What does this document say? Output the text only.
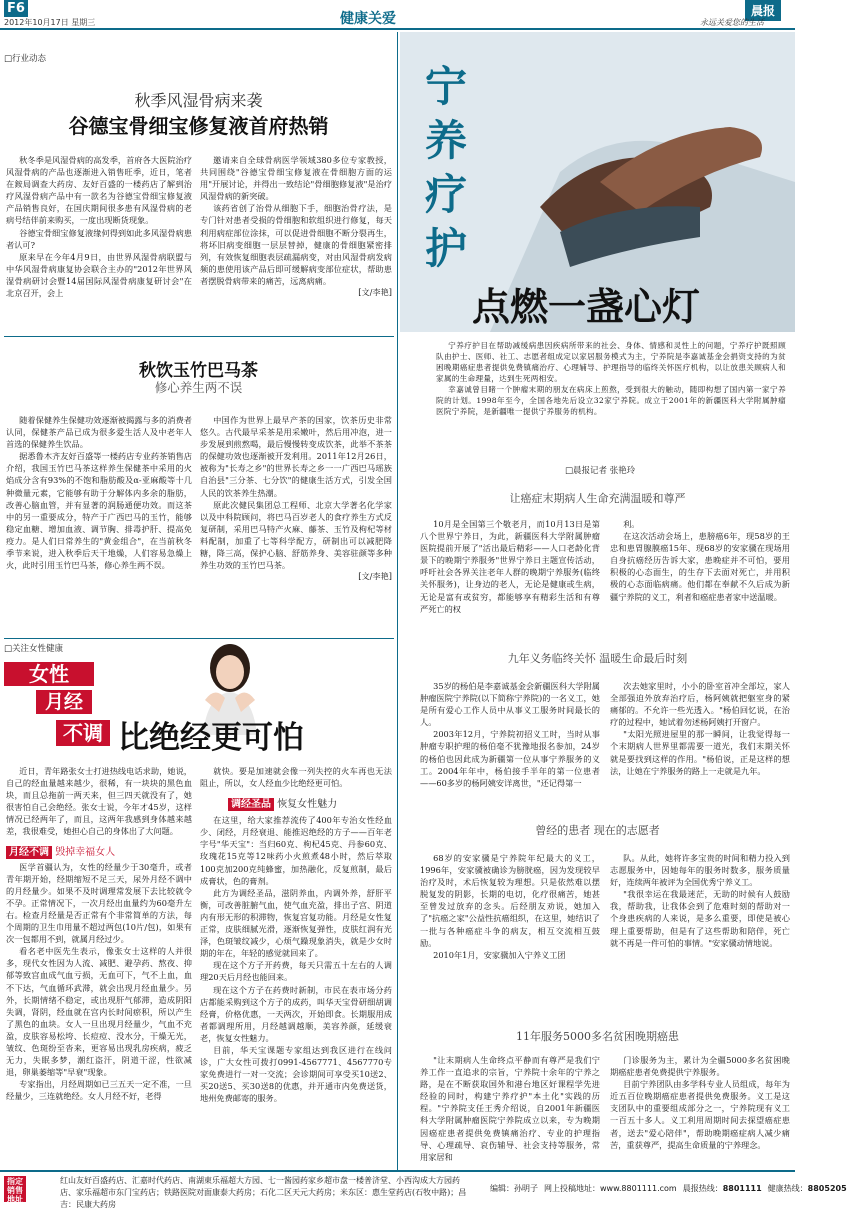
F6
2012年10月17日 星期三	健康关爱	晨报
永远关爱您的生活
□行业动态
秋季风湿骨病来袭
谷德宝骨细宝修复液首府热销

秋冬季是风湿骨病的高发季，首府各大医院治疗风湿骨病的产品也逐渐进入销售旺季，近日，笔者在銨局调查大药房、友好百盛的一楼药店了解到治疗风湿骨病产品中有一款名为谷德宝骨细宝修复液产品销售良好，在国庆期间很多患有风湿骨病的老病号结伴前来购买，一度出现断货现象。

谷德宝骨细宝修复液缘何得到如此多风湿骨病患者认可?

原来早在今年4月9日，由世界风湿骨病联盟与中华风湿骨病康复协会联合主办的"2012年世界风湿骨病研讨会暨14届国际风湿骨病康复研讨会"在北京召开，会上

邀请来自全球骨病医学领域380多位专家教授，共同围绕"谷德宝骨细宝修复液在骨细胞方面的运用"开展讨论，并得出一致结论"骨细胞修复液"是治疗风湿骨病的新突破。

该药省创了治骨从细胞下手，细胞治骨疗法，是专门针对患者受损的骨细胞和软组织进行修复，每天利用病症部位涂抹，可以促进骨细胞不断分裂再生，将坏旧病变细胞一层层替掉，健康的骨细胞紧密排列，有效恢复细胞表层疏漏病变，对由风湿骨病发病频的患使用该产品后即可缓解病变部位症状，帮助患者摆脱骨病带来的痛苦，远离病痛。

[文/李艳]
秋饮玉竹巴马茶
修心养生两不误

随着保健养生保健功效逐渐被揭露与多的消费者认同，保健茶产品已成为很多爱生活人及中老年人首选的保健养生饮品。

据悉鲁木齐友好百盛等一楼药店专业药茶销售店介绍，我国玉竹巴马茶这样养生保健茶中采用的火焰成分含有93%的不饱和脂肪酸及α-亚麻酸等十几种微量元素，它能够有助于分解体内多余的脂肪，改善心脑血管，并有显著的润肠通便功效。而这茶中的另一重要成分，特产于广西巴马的玉竹，能够稳定血糖、增加血液、调节胸、排毒护肝、提高免疫力。是人们日常养生的"黄金组合"，在当前秋冬季节来说，进入秋季后天干地燥，人们容易急燥上火，此时引用玉竹巴马茶，修心养生两不误。

中国作为世界上最早产茶的国家，饮茶历史非常悠久。古代最早采茶是用采嫩叶，然后用冲泡，进一步发展到煎熬喝，最后慢慢转变成饮茶，此举不茶茶的保健功效也逐渐被开发利用。2011年12月26日，被称为"长寿之乡"的世界长寿之乡一一广西巴马瑶族自治县"三分茶、七分饮"的健康生活方式，引发全国人民的饮茶养生热潮。

原此次健民集团总工程师、北京大学著名化学家以及中科院顾问，将巴马百岁老人的食疗养生方式反复研制，采用巴马特产火麻、藤茶、玉竹及枸杞等材料配制，加重了七等科学配方，研制出可以减肥降糖，降三高，保护心脑、舒筋养身、美容驻颜等多种养生功效的玉竹巴马茶。

[文/李艳]
□关注女性健康
女性
月经
不调 比绝经更可怕

近日，青年路张女士打进热线电话求助，她说，自己的经血量越来越少，很稀，有一块块的黑色血块，而且总拖前一两天来，但三四天就没有了，她很害怕自己会绝经。张女士说，今年才45岁，这样情况已经两年了，而且，这两年我感到身体越来越差，我很难受，她担心自己的身体出了大问题。

月经不调 毁掉幸福女人

医学首疆认为，女性的经量少于30毫升，或者青年期开始，经期缩短不足三天，尿外月经不调中的月经量少。如果不及时调理常发展下去比较就令不孕。正常情况下，一次月经出血量约为60毫升左右。检查月经量是否正常有个非常简单的方法，每个周期的卫生巾用量不超过两包(10片/包)，如果有次一包都用不到，就属月经过少。

看名老中医先生表示，像张女士这样的人并很多，现代女性因为人流、减肥、避孕药、熬夜、抑郁等致宫血成气血亏损，无血可下，气不上血，血不下达，气血循环武滞，就会出现月经血量少。另外，长期情绪不稳定，或出现肝气郁滞，造成阴阳失调，肾阴，经血就在宫内长时间瘀积，所以产生了黑色的血块。女人一旦出现月经量少，气血不充盈，皮肤容易松垮、长痘痘、没水分，干燥无光，皱纹、色斑纷至沓来，更容易出现乳房疾病，疲乏无力，失眠多梦，潮红盗汗，阴道干涩，性欲减退，卵巢萎缩等"早衰"现象。

专家指出，月经周期如已三五天一定不准，一旦经量少，三连就绝经。女人月经不好，老得

就快。要是加速就会像一列失控的火车再也无法阻止，所以，女人经血少比绝经更可怕。

调经圣品 恢复女性魅力

在这里，给大家推荐流传了400年专治女性经血少、闭经，月经衰退、能推迟绝经的方子——百年老字号"华天宝"：当归60克、枸杞45克、丹参60克、玫瑰花15克等12味药小火煎煮48小时，然后萃取100克加200克纯蜂蜜，加热融化，反复煎制，最后成膏状，色的膏剂。

此方为调经圣品，滋阴养血，内调外养，舒肝平衡，可改善脏腑气血，使气血充盈，排出子宫、阴道内有形无形的积滞物，恢复宫复功能。月经是女性复正常，皮肤细腻光滑，逐渐恢复弹性，皮肤红润有光泽，色斑皱纹减少，心烦气躁现象消失，就是少女时期的年在，年轻的感觉就回来了。

现在这个方子开药费，每天只需五十左右的人调理20天后月经也能回来。

现在这个方子在药费时新制，市民在表市场分药店都能采购到这个方子的成药，叫华天宝骨研细胡调经膏，价格优惠，一天两次，开始即食。长期服用成者都调理所用，月经越调越顺，美容养颜，延缓衰老，恢复女性魅力。

目前，华天宝课题专家组达到我区进行在线问诊，广大女性可拨打0991-4567771、4567770专家免费进行一对一交流；会诊期间可享受买10送2、买20送5、买30送8的优惠，并开通市内免费送货，地州免费邮寄的服务。

宁
养
疗
护
点燃一盏心灯

宁养疗护目在帮助减缓病患因疾病所带来的社会、身体、情感和灵性上的问题，宁养疗护既照顾队由护士、医师、社工、志愿者组成定以家居服务模式为主，宁养院是李嘉诚基金会捐资支持的为贫困晚期癌症患者提供免费镇痛治疗、心理辅导、护理指导的临终关怀医疗机构，以让放患关顾病人和家属的生命理量，达到生死两相安。

幸嘉诚曾目睹一个肿瘤末期的朋友在病床上煎熬，受到很大的触动，随即构想了国内第一家宁养院的计划。1998年至今，全国各地先后设立32家宁养院。成立于2001年的新疆医科大学附属肿瘤医院宁养院，是新疆唯一提供宁养服务的机构。

□晨报记者 张艳玲
让癌症末期病人生命充满温暖和尊严

10月是全国第三个敬老月，而10月13日是第八个世界宁养日，为此，新疆医科大学附属肿瘤医院提前开展了"活出最后精彩——人口老龄化背景下的晚期宁养服务"世界宁养日主题宣传活动，呼吁社会各界关注老年人群的晚期宁养服务(临终关怀服务)，让身边的老人，无论是健康或生病，无论是富有或贫穷，都能够享有精彩生活和有尊严死亡的权

利。

在这次活动会场上，患膀癌6年，现58岁的王忠和患胃腺膜癌15年、现68岁的安家骥在现场用自身抗癌经历告诉大家，患晚症并不可怕，要用积极的心态面生，的生存下去面对死亡，并用积极的心态面临病痛。他们都在奉献不久后成为新疆宁养院的义工，利者和癌症患者家中送温暖。

九年义务临终关怀 温暖生命最后时刻

35岁的杨伯是李嘉诚基金会新疆医科大学附属肿瘤医院宁养院(以下简称宁养院)的一名义工，她是所有爱心工作人员中从事义工服务时间最长的人。

2003年12月，宁养院初招义工时，当时从事肿瘤专职护理的杨伯毫不犹豫地报名参加，24岁的杨伯也因此成为新疆第一位从事宁养服务的义工。2004年年中，杨伯接手半年的第一位患者——60多岁的杨阿姨安详离世，"还记得第一

次去她家里时，小小的卧室首冲全部垃，家人全部强迫外放弃治疗后，杨阿姨就把躯室身的紧痛郁的。不允许一些光透入。"杨伯回忆说，在治疗的过程中，她试着勿述杨阿姨打开窗户。

"太阳光照进屋里的那一瞬间，让我觉得每一个末期病人世界里都需要一道光，我们末期关怀就是要找到这样的作用。"杨伯说，正是这样的想法，让她在宁养服务的路上一走就是九年。

曾经的患者 现在的志愿者

68岁的安家骥是宁养院年纪最大的义工，1996年，安家骥被确诊为膀胱癌，因为发现较早治疗及时，术后恢复较为理想。只是依然难以摆脱复发的阴影，长期的电切，化疗很痛苦，她甚至曾发过放弃的念头。后经朋友劝说，她加入了"抗癌之家"公益性抗癌组织，在这里，她结识了一批与各种癌症斗争的病友，相互交流相互鼓励。

2010年1月，安家骥加入宁养义工团

队。从此，她将许多宝贵的时间和精力投入到志愿服务中，因她每年的服务时数多，服务质量好，连续两年被评为全国优秀宁养义工。

"我很幸运在我最迷茫，无助的时候有人鼓励我，帮助我，让我体会到了危难时刻的帮助对一个身患疾病的人来说，是多么重要，即使是被心理上重要帮助，但是有了这些帮助和陪伴，死亡就不再是一件可怕的事情。"安家骥动情地说。

11年服务5000多名贫困晚期癌患

"让末期病人生命终点平静而有尊严是我们宁养工作一直追求的宗旨，宁养院十余年的宁养之路，是在不断获取国外和港台地区好课程学先进经验的同时，构建宁养疗护"本土化"实践的历程。"宁养院支任王秀介绍说，自2001年新疆医科大学附属肿瘤医院宁养院成立以来，专为晚期因癌症患者提供免费镇痛治疗、专业的护理指导、心理疏导、哀伤辅导、社会支持等服务，常用家居和

门诊服务为主，累计为全疆5000多名贫困晚期癌症患者免费提供宁养服务。

目前宁养团队由多学科专业人员组成，每年为近五百位晚期癌症患者提供免费服务。义工是这支团队中的重要组成部分之一，宁养院现有义工一百五十多人。义工利用周期时间去探望癌症患者，送去"爱心陪伴"，帮助晚期癌症病人减少痛苦，重获尊严，提高生命质量的宁养理念。

指定销售地址
红山友好百盛药店、汇嘉时代药店、南湖東乐福超大方园、七一酱园药家乡超市盘一楼普济堂、小西沟成大方园药店、家乐福超市东门宝药店；铁路医院对面康泰大药房；石化二区天元大药房；米东区：惠生堂药店(石牧中路)；昌吉：民康大药房
编辑：孙明子 网上投稿地址：www.8801111.com 晨报热线：8801111 健康热线：8805205
